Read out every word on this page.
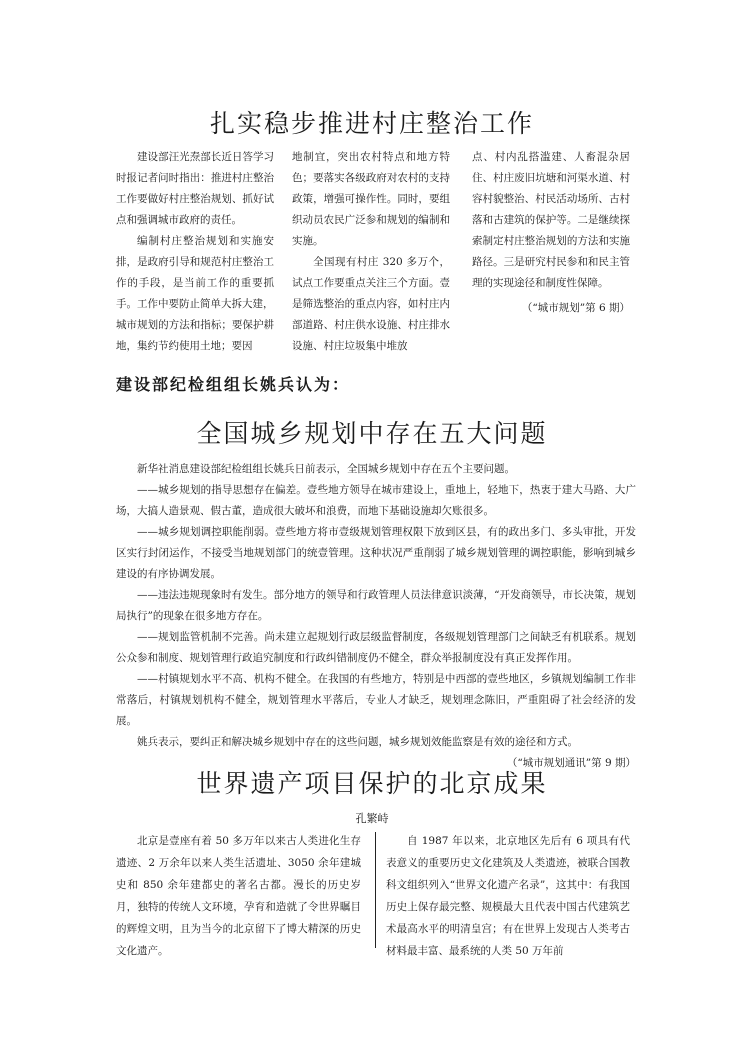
扎实稳步推进村庄整治工作

建设部汪光焘部长近日答学习时报记者问时指出：推进村庄整治工作要做好村庄整治规划、抓好试点和强调城市政府的责任。

编制村庄整治规划和实施安排，是政府引导和规范村庄整治工作的手段，是当前工作的重要抓手。工作中要防止简单大拆大建，

城市规划的方法和指标；要保护耕地，集约节约使用土地；要因

地制宜，突出农村特点和地方特色；要落实各级政府对农村的支持政策，增强可操作性。同时，要组织动员农民广泛参和规划的编制和实施。

全国现有村庄 320 多万个，试点工作要重点关注三个方面。壹是筛选整治的重点内容，如村庄内部道路、村庄供水设施、村庄排水设施、村庄垃圾集中堆放

点、村内乱搭滥建、人畜混杂居住、村庄废旧坑塘和河渠水道、村容村貌整治、村民活动场所、古村落和古建筑的保护等。二是继续探索制定村庄整治规划的方法和实施路径。三是研究村民参和和民主管理的实现途径和制度性保障。

（“城市规划”第 6 期）
建设部纪检组组长姚兵认为：
全国城乡规划中存在五大问题

新华社消息建设部纪检组组长姚兵日前表示，全国城乡规划中存在五个主要问题。

——城乡规划的指导思想存在偏差。壹些地方领导在城市建设上，重地上，轻地下，热衷于建大马路、大广场，大搞人造景观、假古董，造成很大破坏和浪费，而地下基础设施却欠账很多。

——城乡规划调控职能削弱。壹些地方将市壹级规划管理权限下放到区县，有的政出多门、多头审批，开发区实行封闭运作，不接受当地规划部门的统壹管理。这种状况严重削弱了城乡规划管理的调控职能，影响到城乡建设的有序协调发展。

——违法违规现象时有发生。部分地方的领导和行政管理人员法律意识淡薄，“开发商领导，市长决策，规划局执行”的现象在很多地方存在。

——规划监管机制不完善。尚未建立起规划行政层级监督制度，各级规划管理部门之间缺乏有机联系。规划公众参和制度、规划管理行政追究制度和行政纠错制度仍不健全，群众举报制度没有真正发挥作用。

——村镇规划水平不高、机构不健全。在我国的有些地方，特别是中西部的壹些地区，乡镇规划编制工作非常落后，村镇规划机构不健全，规划管理水平落后，专业人才缺乏，规划理念陈旧，严重阻碍了社会经济的发展。

姚兵表示，要纠正和解决城乡规划中存在的这些问题，城乡规划效能监察是有效的途径和方式。

（“城市规划通讯”第 9 期）
世界遗产项目保护的北京成果
孔繁峙

北京是壹座有着 50 多万年以来古人类进化生存遗迹、2 万余年以来人类生活遗址、3050 余年建城史和 850 余年建都史的著名古都。漫长的历史岁月，独特的传统人文环境，孕育和造就了令世界瞩目的辉煌文明，且为当今的北京留下了博大精深的历史文化遗产。

自 1987 年以来，北京地区先后有 6 项具有代表意义的重要历史文化建筑及人类遗迹，被联合国教科文组织列入“世界文化遗产名录”，这其中：有我国历史上保存最完整、规模最大且代表中国古代建筑艺术最高水平的明清皇宫；有在世界上发现古人类考古材料最丰富、最系统的人类 50 万年前
